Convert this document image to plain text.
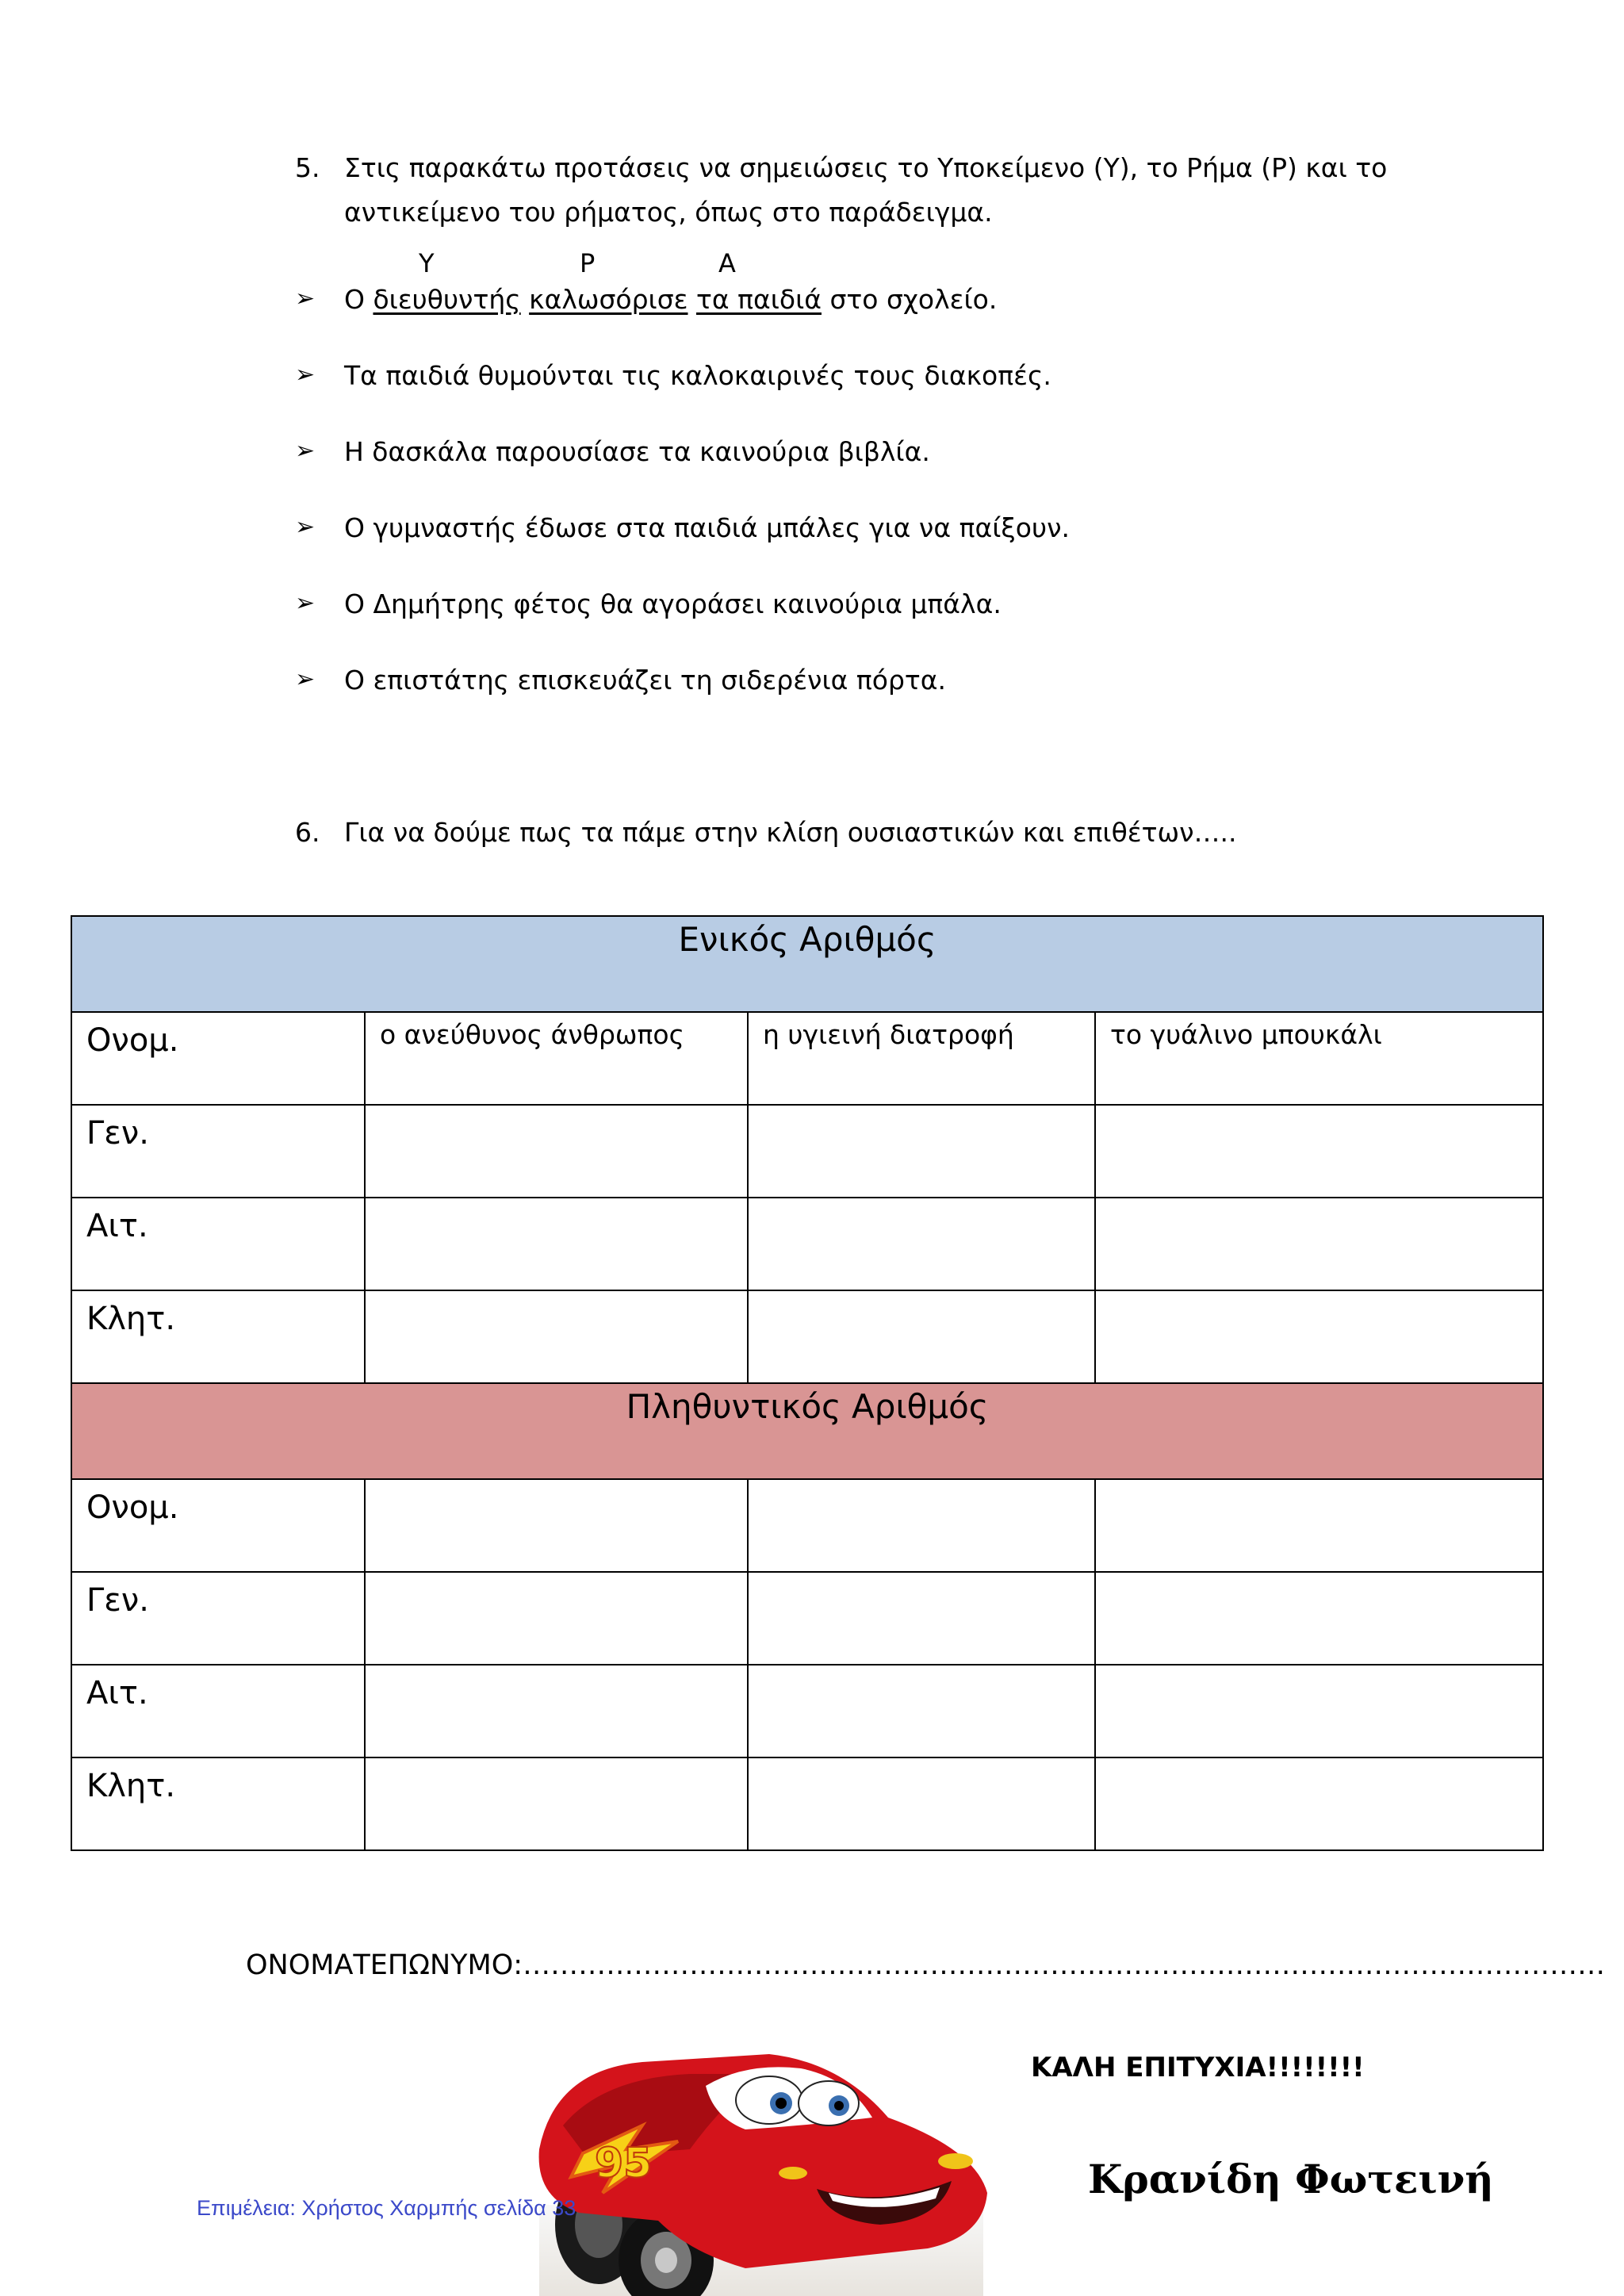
5. Στις παρακάτω προτάσεις να σημειώσεις το Υποκείμενο (Υ), το Ρήμα (Ρ) και το
αντικείμενο του ρήματος, όπως στο παράδειγμα.
Υ	Ρ	Α
➢ Ο διευθυντής καλωσόρισε τα παιδιά στο σχολείο.
➢ Τα παιδιά θυμούνται τις καλοκαιρινές τους διακοπές.
➢ Η δασκάλα παρουσίασε τα καινούρια βιβλία.
➢ Ο γυμναστής έδωσε στα παιδιά μπάλες για να παίξουν.
➢ Ο Δημήτρης φέτος θα αγοράσει καινούρια μπάλα.
➢ Ο επιστάτης επισκευάζει τη σιδερένια πόρτα.
6. Για να δούμε πως τα πάμε στην κλίση ουσιαστικών και επιθέτων…..
Ενικός Αριθμός			

Ονομ.	ο ανεύθυνος άνθρωπος	η υγιεινή διατροφή	το γυάλινο μπουκάλι

Γεν.			

Αιτ.			

Κλητ.			

Πληθυντικός Αριθμός			

Ονομ.			

Γεν.			

Αιτ.			

Κλητ.			

ΟΝΟΜΑΤΕΠΩΝΥΜΟ:………………………………………………………………………………………………………
95
ΚΑΛΗ ΕΠΙΤΥΧΙΑ!!!!!!!!
Κρανίδη Φωτεινή
Επιμέλεια: Χρήστος Χαρμπής σελίδα 33
